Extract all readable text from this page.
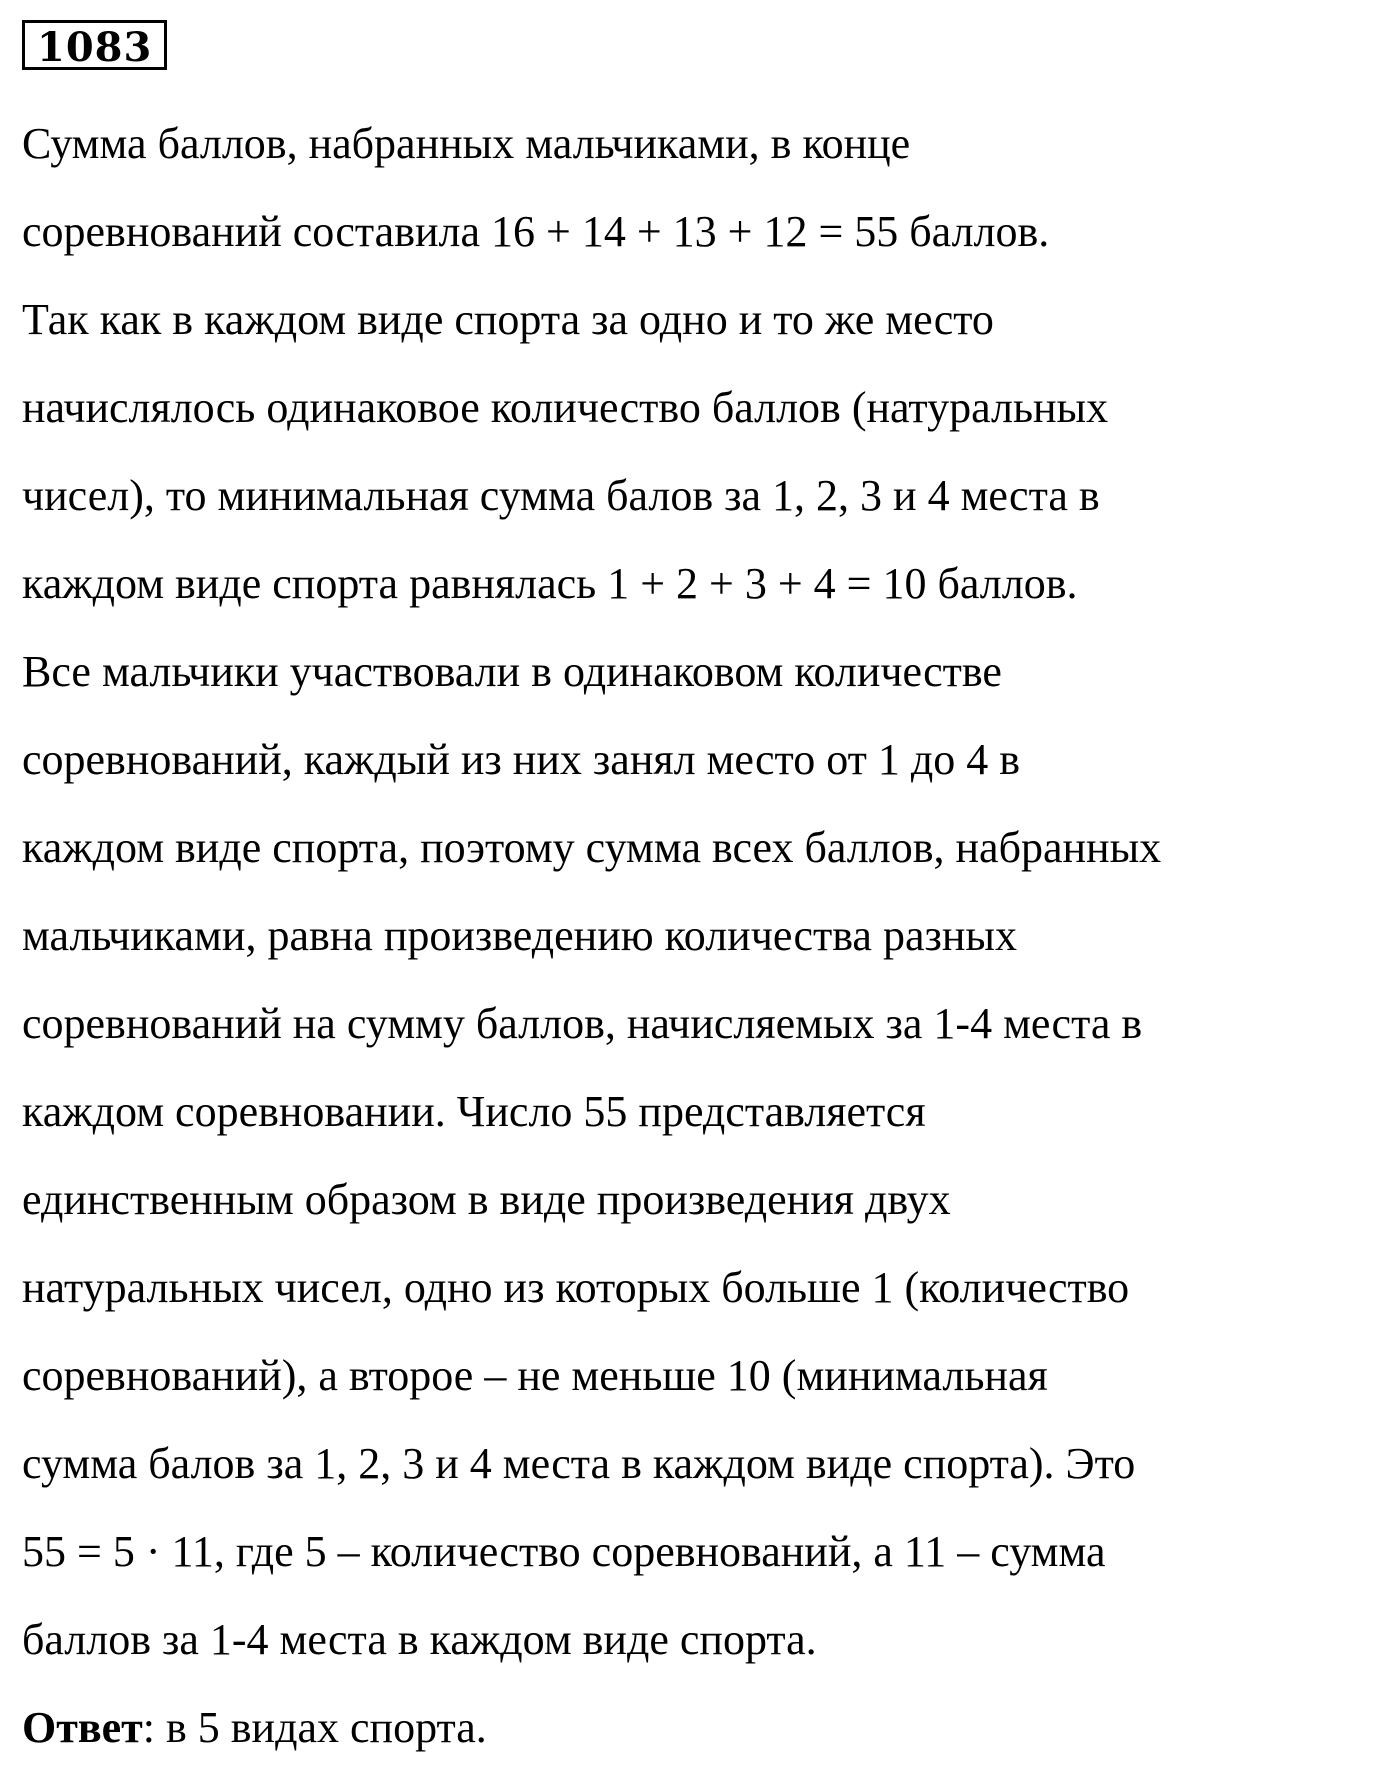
1083
Сумма баллов, набранных мальчиками, в конце
соревнований составила 16 + 14 + 13 + 12 = 55 баллов.
Так как в каждом виде спорта за одно и то же место
начислялось одинаковое количество баллов (натуральных
чисел), то минимальная сумма балов за 1, 2, 3 и 4 места в
каждом виде спорта равнялась 1 + 2 + 3 + 4 = 10 баллов.
Все мальчики участвовали в одинаковом количестве
соревнований, каждый из них занял место от 1 до 4 в
каждом виде спорта, поэтому сумма всех баллов, набранных
мальчиками, равна произведению количества разных
соревнований на сумму баллов, начисляемых за 1-4 места в
каждом соревновании. Число 55 представляется
единственным образом в виде произведения двух
натуральных чисел, одно из которых больше 1 (количество
соревнований), а второе – не меньше 10 (минимальная
сумма балов за 1, 2, 3 и 4 места в каждом виде спорта). Это
55 = 5 · 11, где 5 – количество соревнований, а 11 – сумма
баллов за 1-4 места в каждом виде спорта.
Ответ: в 5 видах спорта.
